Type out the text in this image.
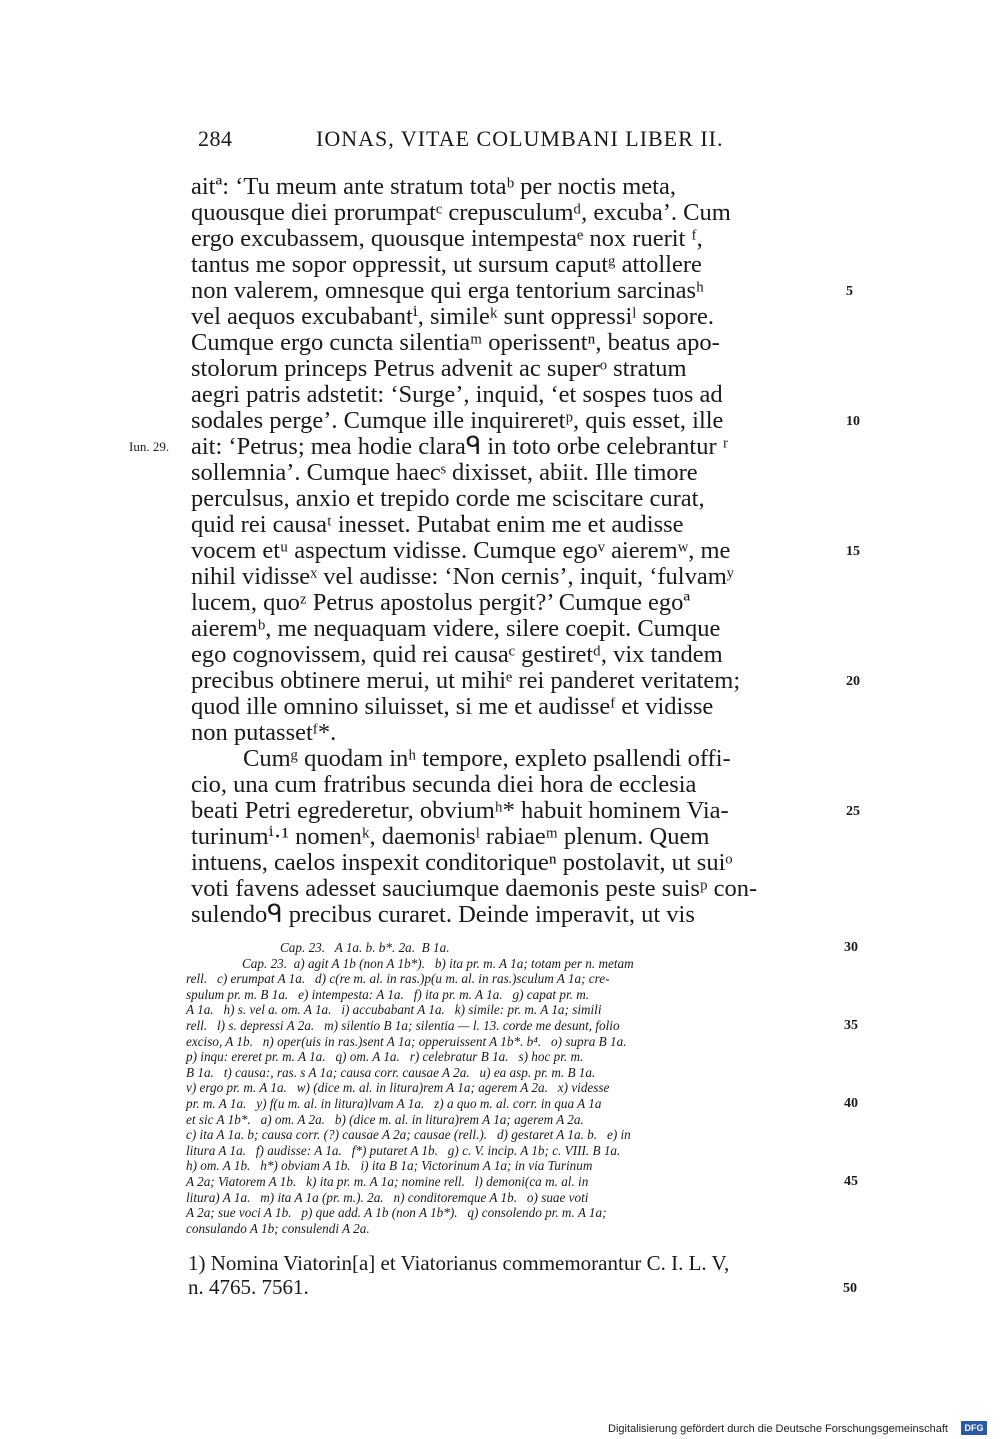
284	IONAS, VITAE COLUMBANI LIBER II.
aitª: ‘Tu meum ante stratum totaᵇ per noctis meta,
quousque diei prorumpatᶜ crepusculumᵈ, excuba’. Cum
ergo excubassem, quousque intempestaᵉ nox ruerit ᶠ,
tantus me sopor oppressit, ut sursum caputᵍ attollere
non valerem, omnesque qui erga tentorium sarcinasʰ	5
vel aequos excubabantⁱ, simileᵏ sunt oppressiˡ sopore.
Cumque ergo cuncta silentiaᵐ operissentⁿ, beatus apo-
stolorum princeps Petrus advenit ac superᵒ stratum
aegri patris adstetit: ‘Surge’, inquid, ‘et sospes tuos ad
sodales perge’. Cumque ille inquireretᵖ, quis esset, ille	10
ait: ‘Petrus; mea hodie claraᑫ in toto orbe celebrantur ʳ
Iun. 29.
sollemnia’. Cumque haecˢ dixisset, abiit. Ille timore
perculsus, anxio et trepido corde me sciscitare curat,
quid rei causaᵗ inesset. Putabat enim me et audisse
vocem etᵘ aspectum vidisse. Cumque egoᵛ aieremʷ, me	15
nihil vidisseˣ vel audisse: ‘Non cernis’, inquit, ‘fulvamʸ
lucem, quoᶻ Petrus apostolus pergit?’ Cumque egoª
aieremᵇ, me nequaquam videre, silere coepit. Cumque
ego cognovissem, quid rei causaᶜ gestiretᵈ, vix tandem
precibus obtinere merui, ut mihiᵉ rei panderet veritatem;	20
quod ille omnino siluisset, si me et audisseᶠ et vidisse
non putassetᶠ*.
Cumᵍ quodam inʰ tempore, expleto psallendi offi-
cio, una cum fratribus secunda diei hora de ecclesia
beati Petri egrederetur, obviumʰ* habuit hominem Via-	25
turinumⁱ·¹ nomenᵏ, daemonisˡ rabiaeᵐ plenum. Quem
intuens, caelos inspexit conditoriqueⁿ postolavit, ut suiᵒ
voti favens adesset sauciumque daemonis peste suisᵖ con-
sulendoᑫ precibus curaret. Deinde imperavit, ut vis
Cap. 23.   A 1a. b. b*. 2a.  B 1a.	30
Cap. 23.  a) agit A 1b (non A 1b*).   b) ita pr. m. A 1a; totam per n. metam
rell.   c) erumpat A 1a.   d) c(re m. al. in ras.)p(u m. al. in ras.)sculum A 1a; cre-
spulum pr. m. B 1a.   e) intempesta: A 1a.   f) ita pr. m. A 1a.   g) capat pr. m.
A 1a.   h) s. vel a. om. A 1a.   i) accubabant A 1a.   k) simile: pr. m. A 1a; simili
rell.   l) s. depressi A 2a.   m) silentio B 1a; silentia — l. 13. corde me desunt, folio	35
exciso, A 1b.   n) oper(uis in ras.)sent A 1a; opperuissent A 1b*. b⁴.   o) supra B 1a.
p) inqu: ereret pr. m. A 1a.   q) om. A 1a.   r) celebratur B 1a.   s) hoc pr. m.
B 1a.   t) causa:, ras. s A 1a; causa corr. causae A 2a.   u) ea asp. pr. m. B 1a.
v) ergo pr. m. A 1a.   w) (dice m. al. in litura)rem A 1a; agerem A 2a.   x) videsse
pr. m. A 1a.   y) f(u m. al. in litura)lvam A 1a.   z) a quo m. al. corr. in qua A 1a	40
et sic A 1b*.   a) om. A 2a.   b) (dice m. al. in litura)rem A 1a; agerem A 2a.
c) ita A 1a. b; causa corr. (?) causae A 2a; causae (rell.).   d) gestaret A 1a. b.   e) in
litura A 1a.   f) audisse: A 1a.   f*) putaret A 1b.   g) c. V. incip. A 1b; c. VIII. B 1a.
h) om. A 1b.   h*) obviam A 1b.   i) ita B 1a; Victorinum A 1a; in via Turinum
A 2a; Viatorem A 1b.   k) ita pr. m. A 1a; nomine rell.   l) demoni(ca m. al. in	45
litura) A 1a.   m) ita A 1a (pr. m.). 2a.   n) conditoremque A 1b.   o) suae voti
A 2a; sue voci A 1b.   p) que add. A 1b (non A 1b*).   q) consolendo pr. m. A 1a;
consulando A 1b; consulendi A 2a.
1) Nomina Viatorin[a] et Viatorianus commemorantur C. I. L. V,
n. 4765. 7561.	50
Digitalisierung gefördert durch die Deutsche Forschungsgemeinschaft	DFG
